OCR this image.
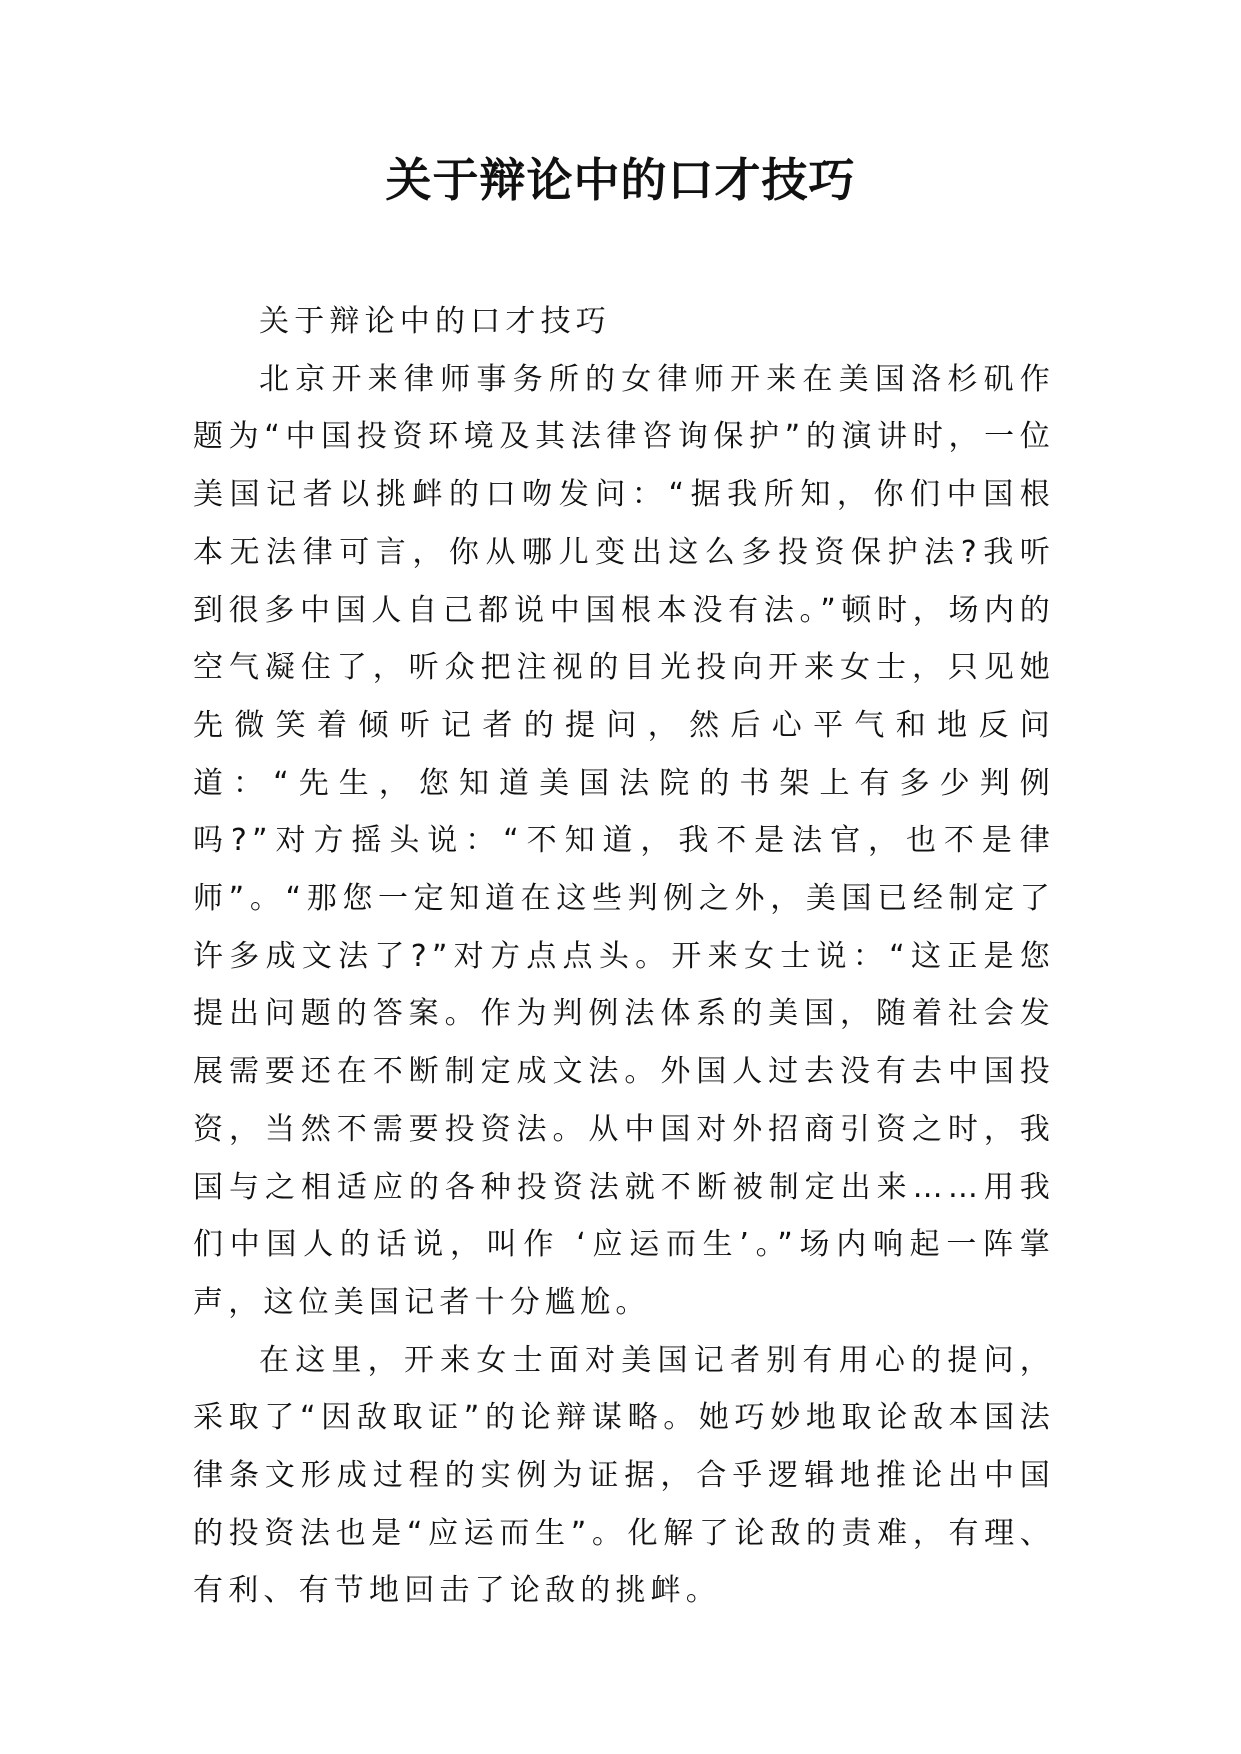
关于辩论中的口才技巧

关于辩论中的口才技巧

北京开来律师事务所的女律师开来在美国洛杉矶作题为“中国投资环境及其法律咨询保护”的演讲时，一位美国记者以挑衅的口吻发问：“据我所知，你们中国根本无法律可言，你从哪儿变出这么多投资保护法?我听到很多中国人自己都说中国根本没有法。”顿时，场内的空气凝住了，听众把注视的目光投向开来女士，只见她先微笑着倾听记者的提问，然后心平气和地反问道：“先生，您知道美国法院的书架上有多少判例吗?”对方摇头说：“不知道，我不是法官，也不是律师”。“那您一定知道在这些判例之外，美国已经制定了许多成文法了?”对方点点头。开来女士说：“这正是您提出问题的答案。作为判例法体系的美国，随着社会发展需要还在不断制定成文法。外国人过去没有去中国投资，当然不需要投资法。从中国对外招商引资之时，我国与之相适应的各种投资法就不断被制定出来……用我们中国人的话说，叫作 ‘应运而生’。”场内响起一阵掌声，这位美国记者十分尴尬。

在这里，开来女士面对美国记者别有用心的提问，采取了“因敌取证”的论辩谋略。她巧妙地取论敌本国法律条文形成过程的实例为证据，合乎逻辑地推论出中国的投资法也是“应运而生”。化解了论敌的责难，有理、有利、有节地回击了论敌的挑衅。
